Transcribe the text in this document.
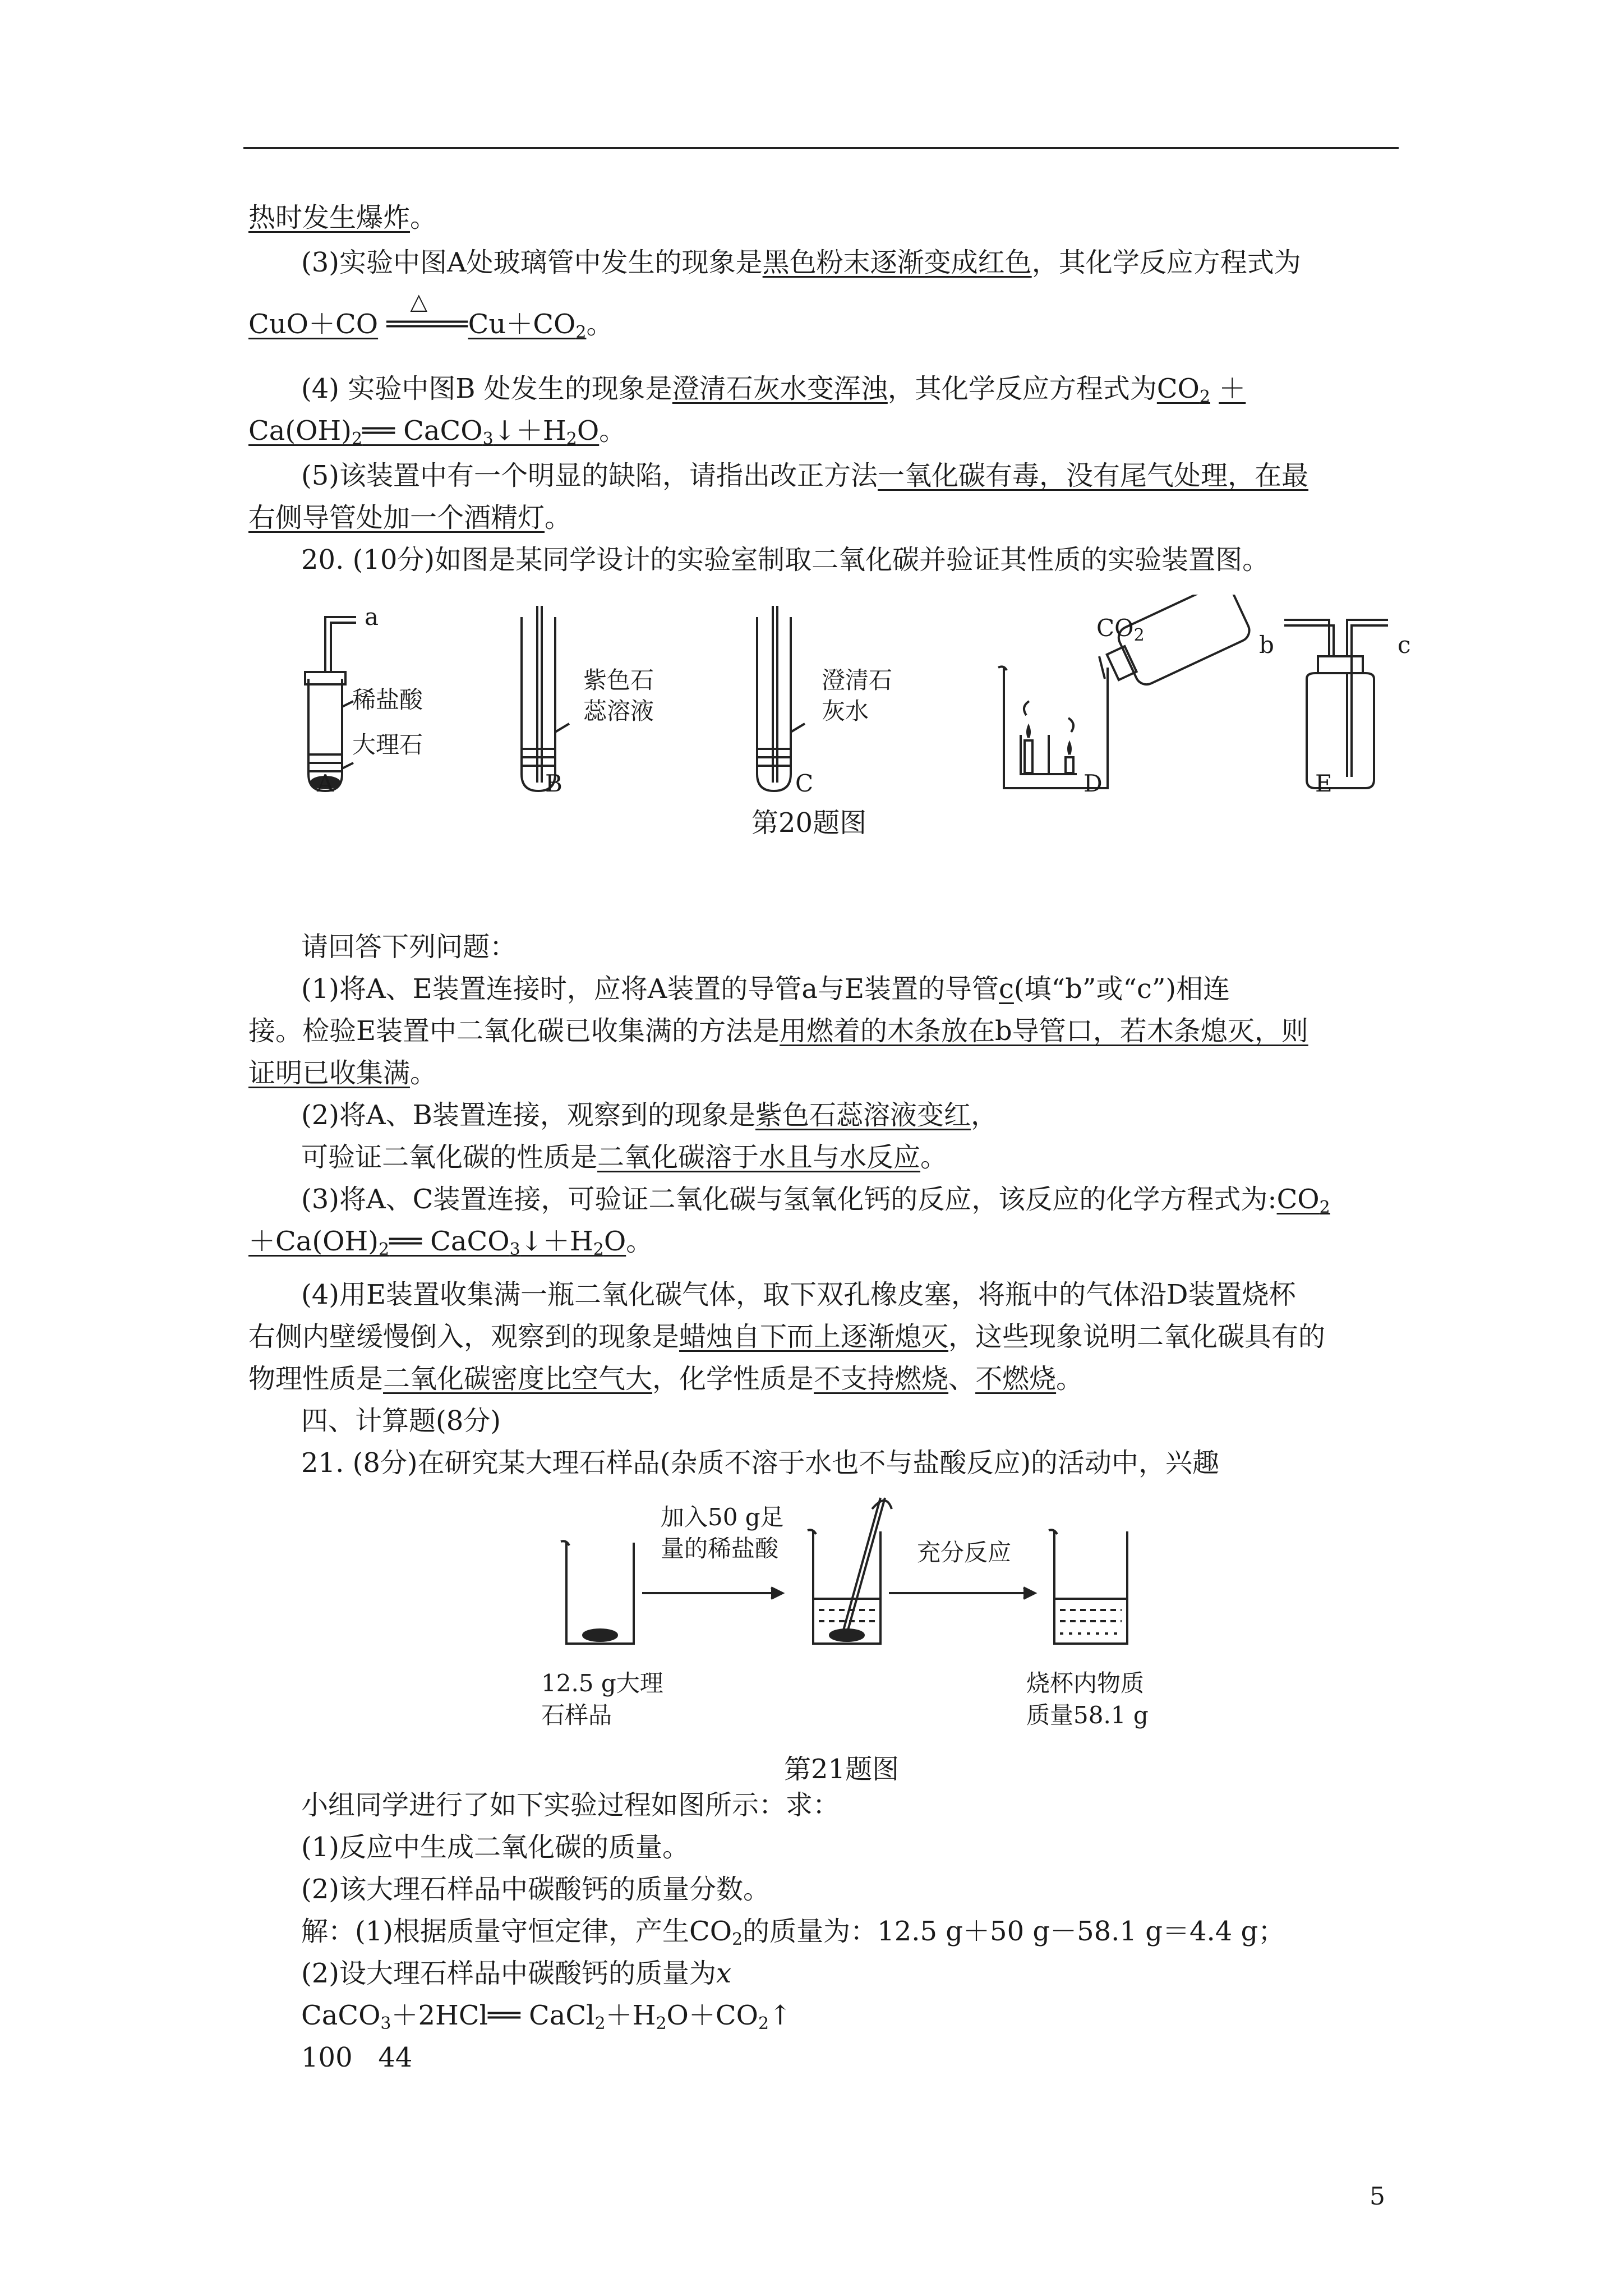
热时发生爆炸。
(3)实验中图A处玻璃管中发生的现象是黑色粉末逐渐变成红色，其化学反应方程式为
CuO＋CO
△
═════ $Cu+CO_2$。
(4) 实验中图B 处发生的现象是澄清石灰水变浑浊，其化学反应方程式为$CO_2$ ＋
$Ca(OH)_2══$ $CaCO_3↓+H_2O$。
(5)该装置中有一个明显的缺陷，请指出改正方法一氧化碳有毒，没有尾气处理，在最
右侧导管处加一个酒精灯。
20. (10分)如图是某同学设计的实验室制取二氧化碳并验证其性质的实验装置图。
a
稀盐酸
大理石
紫色石
蕊溶液
澄清石
灰水
$CO_2$	b	c
A	B	C	D	E
第20题图
请回答下列问题：
(1)将A、E装置连接时，应将A装置的导管a与E装置的导管c(填“b”或“c”)相连
接。检验E装置中二氧化碳已收集满的方法是用燃着的木条放在b导管口，若木条熄灭，则
证明已收集满。
(2)将A、B装置连接，观察到的现象是紫色石蕊溶液变红，
可验证二氧化碳的性质是二氧化碳溶于水且与水反应。
(3)将A、C装置连接，可验证二氧化碳与氢氧化钙的反应，该反应的化学方程式为$:CO_2$
$+Ca(OH)_2══$ $CaCO_3↓+H_2O$。
(4)用E装置收集满一瓶二氧化碳气体，取下双孔橡皮塞，将瓶中的气体沿D装置烧杯
右侧内壁缓慢倒入，观察到的现象是蜡烛自下而上逐渐熄灭，这些现象说明二氧化碳具有的
物理性质是二氧化碳密度比空气大，化学性质是不支持燃烧、不燃烧。
四、计算题(8分)
21. (8分)在研究某大理石样品(杂质不溶于水也不与盐酸反应)的活动中，兴趣
加入50 g足
量的稀盐酸	充分反应
12.5 g大理
石样品
烧杯内物质
质量58.1 g
第21题图
小组同学进行了如下实验过程如图所示：求：
(1)反应中生成二氧化碳的质量。
(2)该大理石样品中碳酸钙的质量分数。
解：(1)根据质量守恒定律，产生$CO_2$的质量为：12.5 g＋50 g－58.1 g＝4.4 g；
(2)设大理石样品中碳酸钙的质量为x
CaCO$_3$＋2HCl══ $CaCl_2+H_2O+CO_2↑$
100   44
5
